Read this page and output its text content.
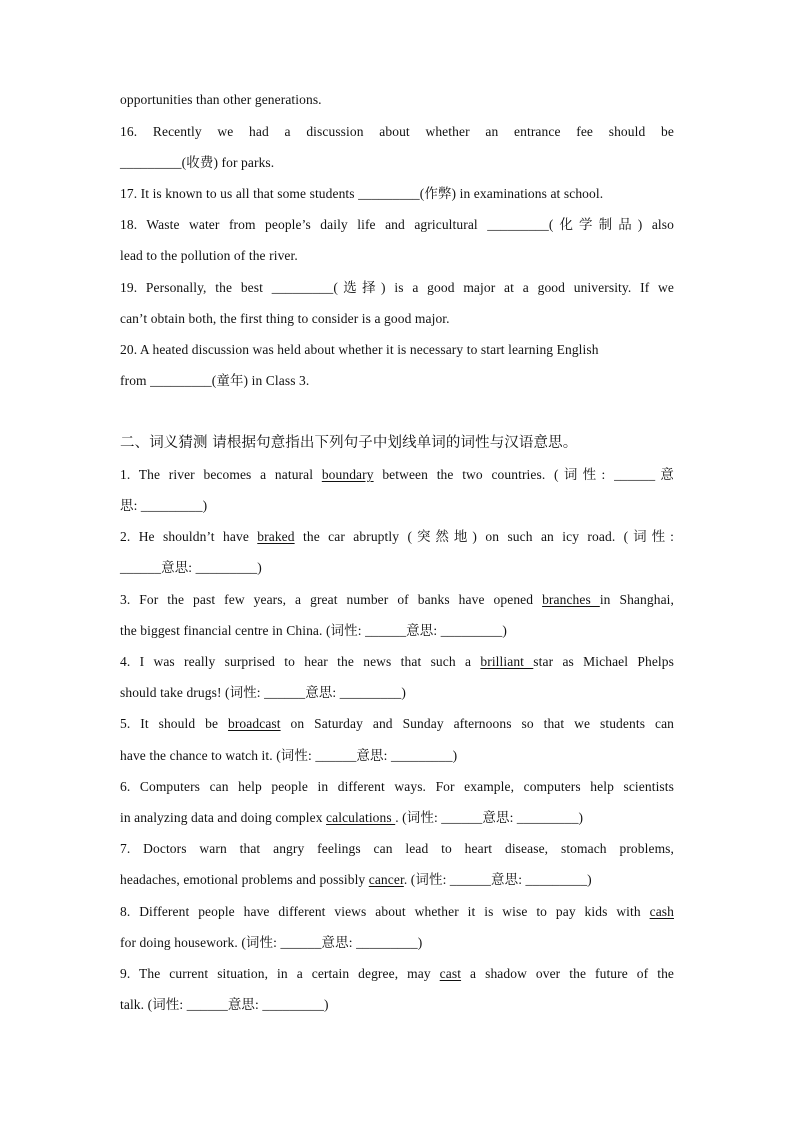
opportunities than other generations.
16. Recently we had a discussion about whether an entrance fee should be
_________(收费) for parks.
17. It is known to us all that some students _________(作弊) in examinations at school.
18. Waste water from people’s daily life and agricultural _________(化学制品) also
lead to the pollution of the river.
19. Personally, the best _________(选择) is a good major at a good university. If we
can’t obtain both, the first thing to consider is a good major.
20. A heated discussion was held about whether it is necessary to start learning English
from _________(童年) in Class 3.
二、词义猜测 请根据句意指出下列句子中划线单词的词性与汉语意思。
1. The river becomes a natural boundary between the two countries. (词性: ______意
思: _________)
2. He shouldn’t have braked the car abruptly (突然地) on such an icy road. (词性:
______意思: _________)
3. For the past few years, a great number of banks have opened branches in Shanghai,
the biggest financial centre in China. (词性: ______意思: _________)
4. I was really surprised to hear the news that such a brilliant star as Michael Phelps
should take drugs! (词性: ______意思: _________)
5. It should be broadcast on Saturday and Sunday afternoons so that we students can
have the chance to watch it. (词性: ______意思: _________)
6. Computers can help people in different ways. For example, computers help scientists
in analyzing data and doing complex calculations . (词性: ______意思: _________)
7. Doctors warn that angry feelings can lead to heart disease, stomach problems,
headaches, emotional problems and possibly cancer. (词性: ______意思: _________)
8. Different people have different views about whether it is wise to pay kids with cash
for doing housework. (词性: ______意思: _________)
9. The current situation, in a certain degree, may cast a shadow over the future of the
talk. (词性: ______意思: _________)
